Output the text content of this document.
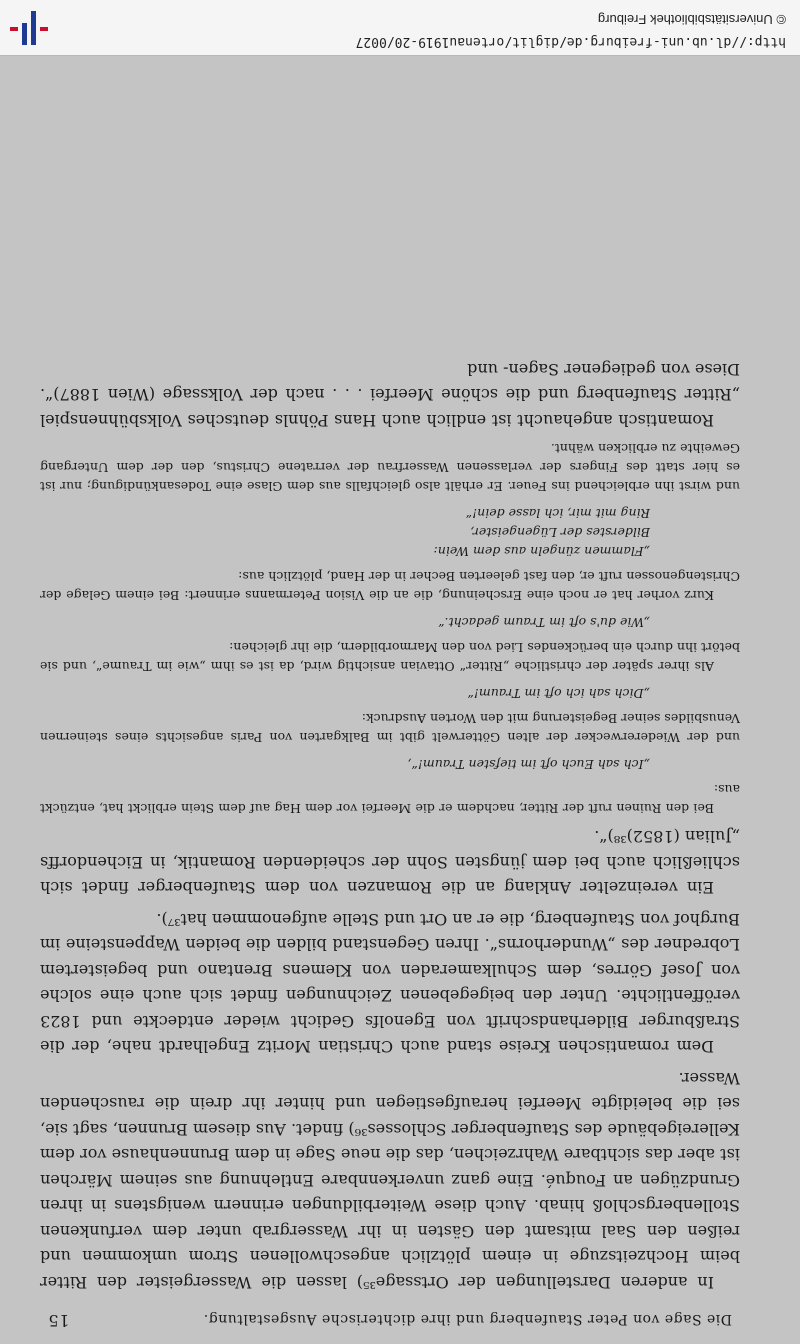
Die Sage von Peter Staufenberg und ihre dichterische Ausgestaltung.
15

In anderen Darstellungen der Ortssage³⁵) lassen die Wassergeister den Ritter beim Hochzeitszuge in einem plötzlich angeschwollenen Strom umkommen und reißen den Saal mitsamt den Gästen in ihr Wassergrab unter dem verfunkenen Stollenbergschloß hinab. Auch diese Weiterbildungen erinnern wenigstens in ihren Grundzügen an Fouqué. Eine ganz unverkennbare Entlehnung aus seinem Märchen ist aber das sichtbare Wahrzeichen, das die neue Sage in dem Brunnenhause vor dem Kellereigebäude des Staufenberger Schlosses³⁶) findet. Aus diesem Brunnen, sagt sie, sei die beleidigte Meerfei heraufgestiegen und hinter ihr drein die rauschenden Wasser.

Dem romantischen Kreise stand auch Christian Moritz Engelhardt nahe, der die Straßburger Bilderhandschrift von Egenolfs Gedicht wieder entdeckte und 1823 veröffentlichte. Unter den beigegebenen Zeichnungen findet sich auch eine solche von Josef Görres, dem Schulkameraden von Klemens Brentano und begeistertem Lobredner des „Wunderhorns“. Ihren Gegenstand bilden die beiden Wappensteine im Burghof von Staufenberg, die er an Ort und Stelle aufgenommen hat³⁷).

Ein vereinzelter Anklang an die Romanzen von dem Staufenberger findet sich schließlich auch bei dem jüngsten Sohn der scheidenden Romantik, in Eichendorffs „Julian (1852)³⁸)“.

Bei den Ruinen ruft der Ritter, nachdem er die Meerfei vor dem Hag auf dem Stein erblickt hat, entzückt aus:

„Ich sah Euch oft im tiefsten Traum!“,

und der Wiedererwecker der alten Götterwelt gibt im Balkgarten von Paris angesichts eines steinernen Venusbildes seiner Begeisterung mit den Worten Ausdruck:

„Dich sah ich oft im Traum!“

Als ihrer später der christliche „Ritter“ Ottavian ansichtig wird, da ist es ihm „wie im Traume“, und sie betört ihn durch ein berückendes Lied von den Marmorbildern, die ihr gleichen:

„Wie du's oft im Traum gedacht.“

Kurz vorher hat er noch eine Erscheinung, die an die Vision Petermanns erinnert: Bei einem Gelage der Christengenossen ruft er, den fast geleerten Becher in der Hand, plötzlich aus:

„Flammen züngeln aus dem Wein:
Bilderstes der Lügengeister,
Ring mit mir, ich lasse dein!“

und wirst ihn erbleichend ins Feuer. Er erhält also gleichfalls aus dem Glase eine Todesankündigung; nur ist es hier statt des Fingers der verlassenen Wasserfrau der verratene Christus, den der dem Untergang Geweihte zu erblicken wähnt.

Romantisch angehaucht ist endlich auch Hans Pöhnls deutsches Volksbühnenspiel „Ritter Staufenberg und die schöne Meerfei . . . nach der Volkssage (Wien 1887)“. Diese von gediegener Sagen- und

http://dl.ub.uni-freiburg.de/diglit/ortenau1919-20/0027
© Universitätsbibliothek Freiburg
